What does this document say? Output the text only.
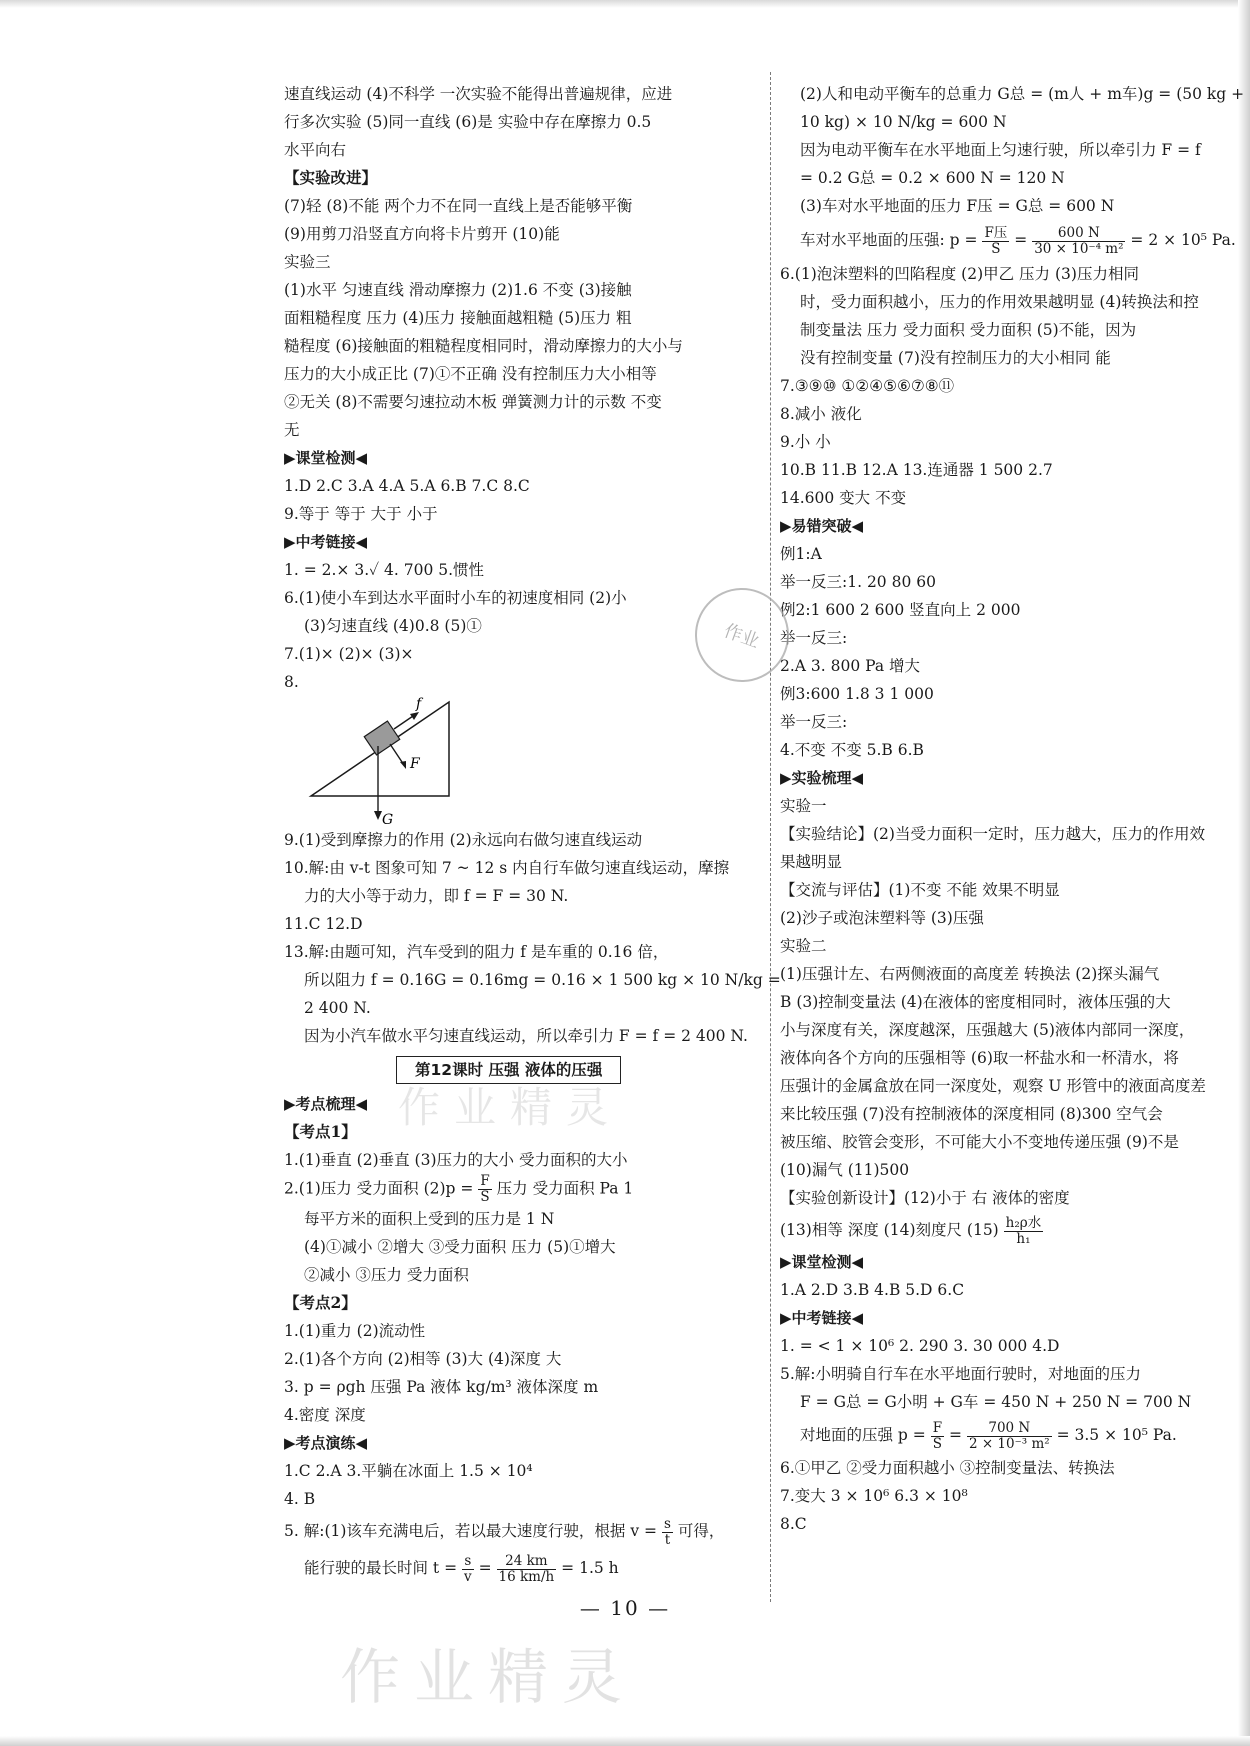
速直线运动 (4)不科学 一次实验不能得出普遍规律，应进
行多次实验 (5)同一直线 (6)是 实验中存在摩擦力 0.5
水平向右
【实验改进】
(7)轻 (8)不能 两个力不在同一直线上是否能够平衡
(9)用剪刀沿竖直方向将卡片剪开 (10)能
实验三
(1)水平 匀速直线 滑动摩擦力 (2)1.6 不变 (3)接触
面粗糙程度 压力 (4)压力 接触面越粗糙 (5)压力 粗
糙程度 (6)接触面的粗糙程度相同时，滑动摩擦力的大小与
压力的大小成正比 (7)①不正确 没有控制压力大小相等
②无关 (8)不需要匀速拉动木板 弹簧测力计的示数 不变
无
▶课堂检测◀
1.D 2.C 3.A 4.A 5.A 6.B 7.C 8.C
9.等于 等于 大于 小于
▶中考链接◀
1. = 2.× 3.✓ 4. 700 5.惯性
6.(1)使小车到达水平面时小车的初速度相同 (2)小
(3)匀速直线 (4)0.8 (5)①
7.(1)× (2)× (3)×
8.
f
F
G
9.(1)受到摩擦力的作用 (2)永远向右做匀速直线运动
10.解:由 v-t 图象可知 7 ~ 12 s 内自行车做匀速直线运动，摩擦
力的大小等于动力，即 f = F = 30 N.
11.C 12.D
13.解:由题可知，汽车受到的阻力 f 是车重的 0.16 倍，
所以阻力 f = 0.16G = 0.16mg = 0.16 × 1 500 kg × 10 N/kg =
2 400 N.
因为小汽车做水平匀速直线运动，所以牵引力 F = f = 2 400 N.
第12课时 压强 液体的压强
▶考点梳理◀
【考点1】
1.(1)垂直 (2)垂直 (3)压力的大小 受力面积的大小
2.(1)压力 受力面积 $(2)p = \frac{F}{S}$ 压力 受力面积 Pa 1
每平方米的面积上受到的压力是 1 N
(4)①减小 ②增大 ③受力面积 压力 (5)①增大
②减小 ③压力 受力面积
【考点2】
1.(1)重力 (2)流动性
2.(1)各个方向 (2)相等 (3)大 (4)深度 大
3. p = ρgh 压强 Pa 液体 kg/m³ 液体深度 m
4.密度 深度
▶考点演练◀
1.C 2.A 3.平躺在冰面上 1.5 × 10⁴
4. B
5. 解:(1)该车充满电后，若以最大速度行驶，根据 $v = \frac{s}{t}$ 可得，
能行驶的最长时间 $t = \frac{s}{v} = \frac{24 km}{16 km/h} = 1.5$ h
(2)人和电动平衡车的总重力 G总 = (m人 + m车)g = (50 kg +
10 kg) × 10 N/kg = 600 N
因为电动平衡车在水平地面上匀速行驶，所以牵引力 F = f
= 0.2 G总 = 0.2 × 600 N = 120 N
(3)车对水平地面的压力 F压 = G总 = 600 N
车对水平地面的压强: $p = \frac{\text{F压}}{S} = \frac{600 N}{\text{30 × 10⁻⁴ m²}} = 2 \times 10^5$ Pa.
6.(1)泡沫塑料的凹陷程度 (2)甲乙 压力 (3)压力相同
时，受力面积越小，压力的作用效果越明显 (4)转换法和控
制变量法 压力 受力面积 受力面积 (5)不能，因为
没有控制变量 (7)没有控制压力的大小相同 能
7.③⑨⑩ ①②④⑤⑥⑦⑧⑪
8.减小 液化
9.小 小
10.B 11.B 12.A 13.连通器 1 500 2.7
14.600 变大 不变
▶易错突破◀
例1:A
举一反三:1. 20 80 60
例2:1 600 2 600 竖直向上 2 000
举一反三:
2.A 3. 800 Pa 增大
例3:600 1.8 3 1 000
举一反三:
4.不变 不变 5.B 6.B
▶实验梳理◀
实验一
【实验结论】(2)当受力面积一定时，压力越大，压力的作用效
果越明显
【交流与评估】(1)不变 不能 效果不明显
(2)沙子或泡沫塑料等 (3)压强
实验二
(1)压强计左、右两侧液面的高度差 转换法 (2)探头漏气
B (3)控制变量法 (4)在液体的密度相同时，液体压强的大
小与深度有关，深度越深，压强越大 (5)液体内部同一深度，
液体向各个方向的压强相等 (6)取一杯盐水和一杯清水，将
压强计的金属盒放在同一深度处，观察 U 形管中的液面高度差
来比较压强 (7)没有控制液体的深度相同 (8)300 空气会
被压缩、胶管会变形，不可能大小不变地传递压强 (9)不是
(10)漏气 (11)500
【实验创新设计】(12)小于 右 液体的密度
(13)相等 深度 (14)刻度尺 $(15) \frac{\text{h₂ρ水}}{\text{h₁}}$
▶课堂检测◀
1.A 2.D 3.B 4.B 5.D 6.C
▶中考链接◀
1. = < 1 × 10⁶ 2. 290 3. 30 000 4.D
5.解:小明骑自行车在水平地面行驶时，对地面的压力
F = G总 = G小明 + G车 = 450 N + 250 N = 700 N
对地面的压强 $p = \frac{F}{S} = \frac{700 N}{\text{2 × 10⁻³ m²}} = 3.5 \times 10^5$ Pa.
6.①甲乙 ②受力面积越小 ③控制变量法、转换法
7.变大 3 × 10⁶ 6.3 × 10⁸
8.C
作业
作业精灵
作业精灵
— 10 —
